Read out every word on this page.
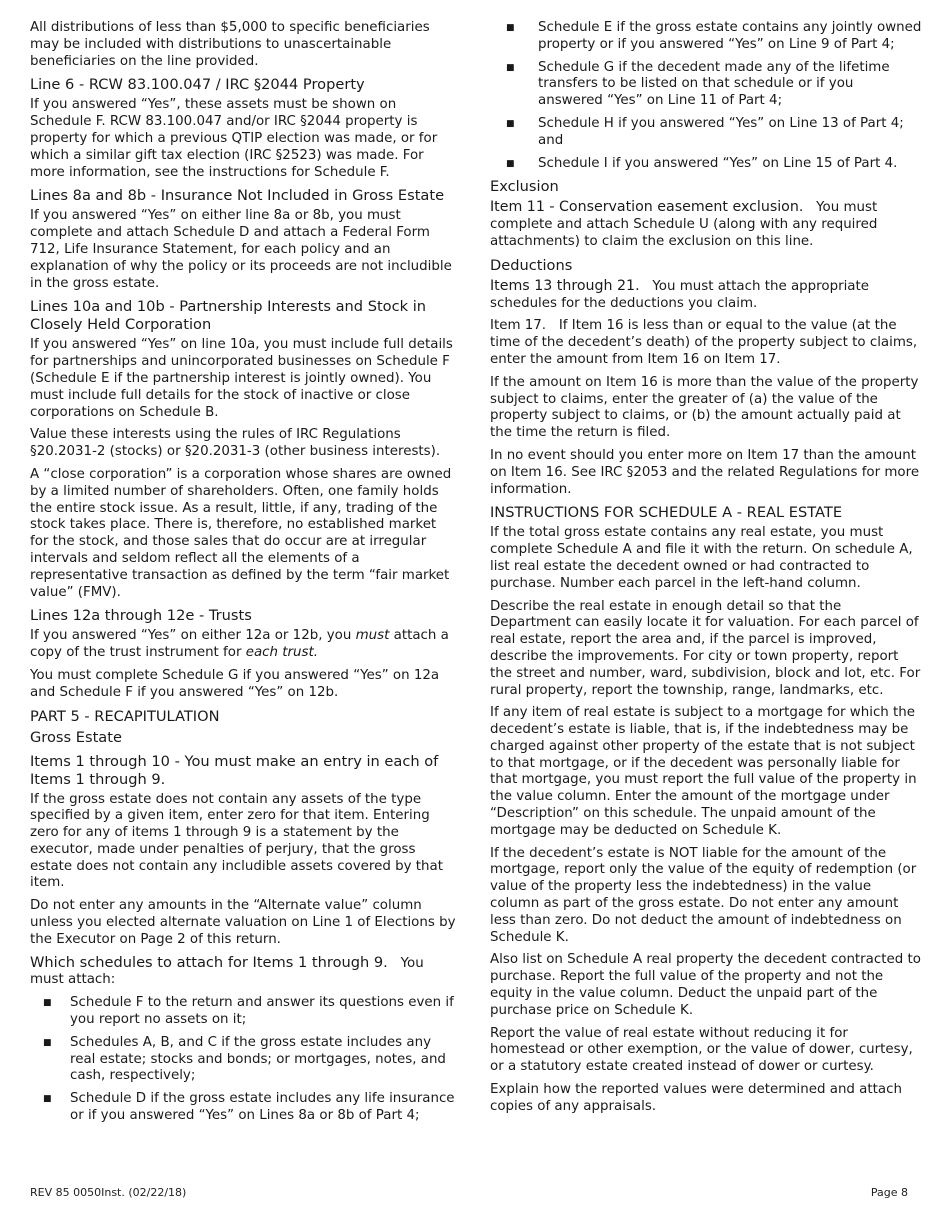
All distributions of less than $5,000 to specific beneficiaries may be included with distributions to unascertainable beneficiaries on the line provided.

Line 6 - RCW 83.100.047 / IRC §2044 Property

If you answered “Yes”, these assets must be shown on Schedule F. RCW 83.100.047 and/or IRC §2044 property is property for which a previous QTIP election was made, or for which a similar gift tax election (IRC §2523) was made. For more information, see the instructions for Schedule F.

Lines 8a and 8b - Insurance Not Included in Gross Estate

If you answered “Yes” on either line 8a or 8b, you must complete and attach Schedule D and attach a Federal Form 712, Life Insurance Statement, for each policy and an explanation of why the policy or its proceeds are not includible in the gross estate.

Lines 10a and 10b - Partnership Interests and Stock in Closely Held Corporation

If you answered “Yes” on line 10a, you must include full details for partnerships and unincorporated businesses on Schedule F (Schedule E if the partnership interest is jointly owned). You must include full details for the stock of inactive or close corporations on Schedule B.

Value these interests using the rules of IRC Regulations §20.2031-2 (stocks) or §20.2031-3 (other business interests).

A “close corporation” is a corporation whose shares are owned by a limited number of shareholders. Often, one family holds the entire stock issue. As a result, little, if any, trading of the stock takes place. There is, therefore, no established market for the stock, and those sales that do occur are at irregular intervals and seldom reflect all the elements of a representative transaction as defined by the term “fair market value” (FMV).

Lines 12a through 12e - Trusts

If you answered “Yes” on either 12a or 12b, you must attach a copy of the trust instrument for each trust.

You must complete Schedule G if you answered “Yes” on 12a and Schedule F if you answered “Yes” on 12b.

PART 5 - RECAPITULATION
Gross Estate
Items 1 through 10 - You must make an entry in each of Items 1 through 9.

If the gross estate does not contain any assets of the type specified by a given item, enter zero for that item. Entering zero for any of items 1 through 9 is a statement by the executor, made under penalties of perjury, that the gross estate does not contain any includible assets covered by that item.

Do not enter any amounts in the “Alternate value” column unless you elected alternate valuation on Line 1 of Elections by the Executor on Page 2 of this return.

Which schedules to attach for Items 1 through 9. You must attach:

■ Schedule F to the return and answer its questions even if you report no assets on it;
■ Schedules A, B, and C if the gross estate includes any real estate; stocks and bonds; or mortgages, notes, and cash, respectively;
■ Schedule D if the gross estate includes any life insurance or if you answered “Yes” on Lines 8a or 8b of Part 4;
■ Schedule E if the gross estate contains any jointly owned property or if you answered “Yes” on Line 9 of Part 4;
■ Schedule G if the decedent made any of the lifetime transfers to be listed on that schedule or if you answered “Yes” on Line 11 of Part 4;
■ Schedule H if you answered “Yes” on Line 13 of Part 4; and
■ Schedule I if you answered “Yes” on Line 15 of Part 4.
Exclusion

Item 11 - Conservation easement exclusion. You must complete and attach Schedule U (along with any required attachments) to claim the exclusion on this line.

Deductions

Items 13 through 21. You must attach the appropriate schedules for the deductions you claim.

Item 17. If Item 16 is less than or equal to the value (at the time of the decedent’s death) of the property subject to claims, enter the amount from Item 16 on Item 17.

If the amount on Item 16 is more than the value of the property subject to claims, enter the greater of (a) the value of the property subject to claims, or (b) the amount actually paid at the time the return is filed.

In no event should you enter more on Item 17 than the amount on Item 16. See IRC §2053 and the related Regulations for more information.

INSTRUCTIONS FOR SCHEDULE A - REAL ESTATE

If the total gross estate contains any real estate, you must complete Schedule A and file it with the return. On schedule A, list real estate the decedent owned or had contracted to purchase. Number each parcel in the left-hand column.

Describe the real estate in enough detail so that the Department can easily locate it for valuation. For each parcel of real estate, report the area and, if the parcel is improved, describe the improvements. For city or town property, report the street and number, ward, subdivision, block and lot, etc. For rural property, report the township, range, landmarks, etc.

If any item of real estate is subject to a mortgage for which the decedent’s estate is liable, that is, if the indebtedness may be charged against other property of the estate that is not subject to that mortgage, or if the decedent was personally liable for that mortgage, you must report the full value of the property in the value column. Enter the amount of the mortgage under “Description” on this schedule. The unpaid amount of the mortgage may be deducted on Schedule K.

If the decedent’s estate is NOT liable for the amount of the mortgage, report only the value of the equity of redemption (or value of the property less the indebtedness) in the value column as part of the gross estate. Do not enter any amount less than zero. Do not deduct the amount of indebtedness on Schedule K.

Also list on Schedule A real property the decedent contracted to purchase. Report the full value of the property and not the equity in the value column. Deduct the unpaid part of the purchase price on Schedule K.

Report the value of real estate without reducing it for homestead or other exemption, or the value of dower, curtesy, or a statutory estate created instead of dower or curtesy.

Explain how the reported values were determined and attach copies of any appraisals.

REV 85 0050Inst. (02/22/18)	Page 8
